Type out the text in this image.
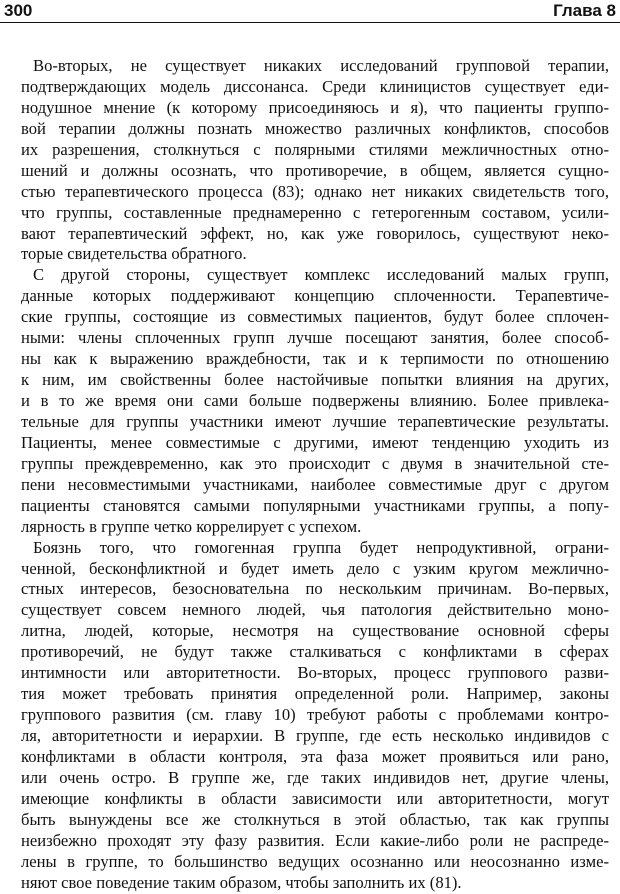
300	Глава 8
Во-вторых, не существует никаких исследований групповой терапии,
подтверждающих модель диссонанса. Среди клиницистов существует еди-
нодушное мнение (к которому присоединяюсь и я), что пациенты группо-
вой терапии должны познать множество различных конфликтов, способов
их разрешения, столкнуться с полярными стилями межличностных отно-
шений и должны осознать, что противоречие, в общем, является сущно-
стью терапевтического процесса (83); однако нет никаких свидетельств того,
что группы, составленные преднамеренно с гетерогенным составом, усили-
вают терапевтический эффект, но, как уже говорилось, существуют неко-
торые свидетельства обратного.
С другой стороны, существует комплекс исследований малых групп,
данные которых поддерживают концепцию сплоченности. Терапевтиче-
ские группы, состоящие из совместимых пациентов, будут более сплочен-
ными: члены сплоченных групп лучше посещают занятия, более способ-
ны как к выражению враждебности, так и к терпимости по отношению
к ним, им свойственны более настойчивые попытки влияния на других,
и в то же время они сами больше подвержены влиянию. Более привлека-
тельные для группы участники имеют лучшие терапевтические результаты.
Пациенты, менее совместимые с другими, имеют тенденцию уходить из
группы преждевременно, как это происходит с двумя в значительной сте-
пени несовместимыми участниками, наиболее совместимые друг с другом
пациенты становятся самыми популярными участниками группы, а попу-
лярность в группе четко коррелирует с успехом.
Боязнь того, что гомогенная группа будет непродуктивной, ограни-
ченной, бесконфликтной и будет иметь дело с узким кругом межлично-
стных интересов, безосновательна по нескольким причинам. Во-первых,
существует совсем немного людей, чья патология действительно моно-
литна, людей, которые, несмотря на существование основной сферы
противоречий, не будут также сталкиваться с конфликтами в сферах
интимности или авторитетности. Во-вторых, процесс группового разви-
тия может требовать принятия определенной роли. Например, законы
группового развития (см. главу 10) требуют работы с проблемами контро-
ля, авторитетности и иерархии. В группе, где есть несколько индивидов с
конфликтами в области контроля, эта фаза может проявиться или рано,
или очень остро. В группе же, где таких индивидов нет, другие члены,
имеющие конфликты в области зависимости или авторитетности, могут
быть вынуждены все же столкнуться в этой областью, так как группы
неизбежно проходят эту фазу развития. Если какие-либо роли не распреде-
лены в группе, то большинство ведущих осознанно или неосознанно изме-
няют свое поведение таким образом, чтобы заполнить их (81).
